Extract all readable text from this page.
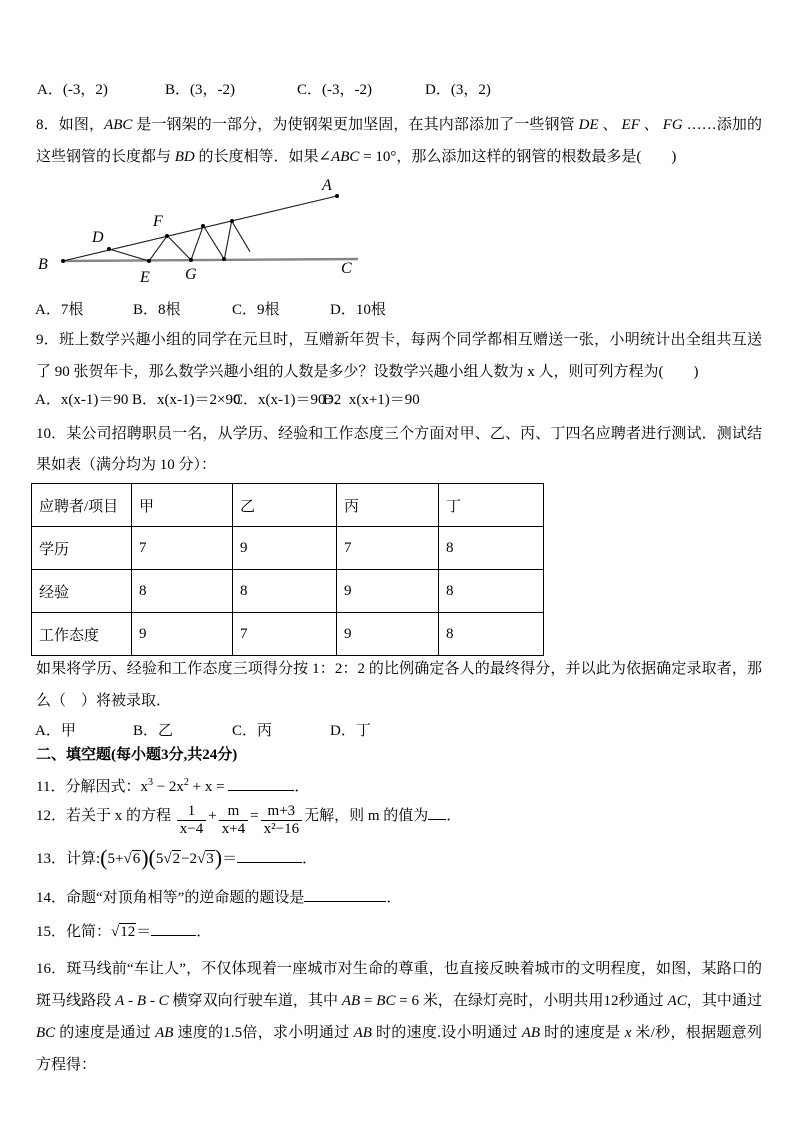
A．(-3，2)	B．(3，-2)	C．(-3，-2)	D．(3，2)

8．如图，ABC 是一钢架的一部分，为使钢架更加坚固，在其内部添加了一些钢管 DE 、 EF 、 FG ……添加的这些钢管的长度都与 BD 的长度相等．如果∠ABC = 10°，那么添加这样的钢管的根数最多是(　　)

A
B	C
D
E
F
G
A．7根	B．8根	C．9根	D．10根

9．班上数学兴趣小组的同学在元旦时，互赠新年贺卡，每两个同学都相互赠送一张，小明统计出全组共互送了 90 张贺年卡，那么数学兴趣小组的人数是多少？设数学兴趣小组人数为 x 人，则可列方程为(　　)

A．x(x-1)＝90 B．x(x-1)＝2×90C．x(x-1)＝90÷2D．x(x+1)＝90

10．某公司招聘职员一名，从学历、经验和工作态度三个方面对甲、乙、丙、丁四名应聘者进行测试．测试结果如表（满分均为 10 分）：

应聘者/项目	甲	乙	丙	丁
学历	7	9	7	8
经验	8	8	9	8
工作态度	9	7	9	8

如果将学历、经验和工作态度三项得分按 1：2：2 的比例确定各人的最终得分，并以此为依据确定录取者，那么（　）将被录取．

A．甲	B．乙	C．丙	D．丁

二、填空题(每小题3分,共24分)

11．分解因式：$x^3 - 2x^2 + x$ =	．

12．若关于 x 的方程 $\frac{1}{x-4} + \frac{m}{x+4} = \frac{m+3}{\text{x²−16}}$ 无解，则 m 的值为 ．

13．计算:(5+√6)(5√2−2√3)＝	．

14．命题“对顶角相等”的逆命题的题设是	．

15．化简：√12＝	．

16．斑马线前“车让人”，不仅体现着一座城市对生命的尊重，也直接反映着城市的文明程度，如图，某路口的斑马线路段 A - B - C 横穿双向行驶车道，其中 AB = BC = 6 米，在绿灯亮时，小明共用12秒通过 AC，其中通过 BC 的速度是通过 AB 速度的1.5倍，求小明通过 AB 时的速度.设小明通过 AB 时的速度是 x 米/秒，根据题意列方程得：
